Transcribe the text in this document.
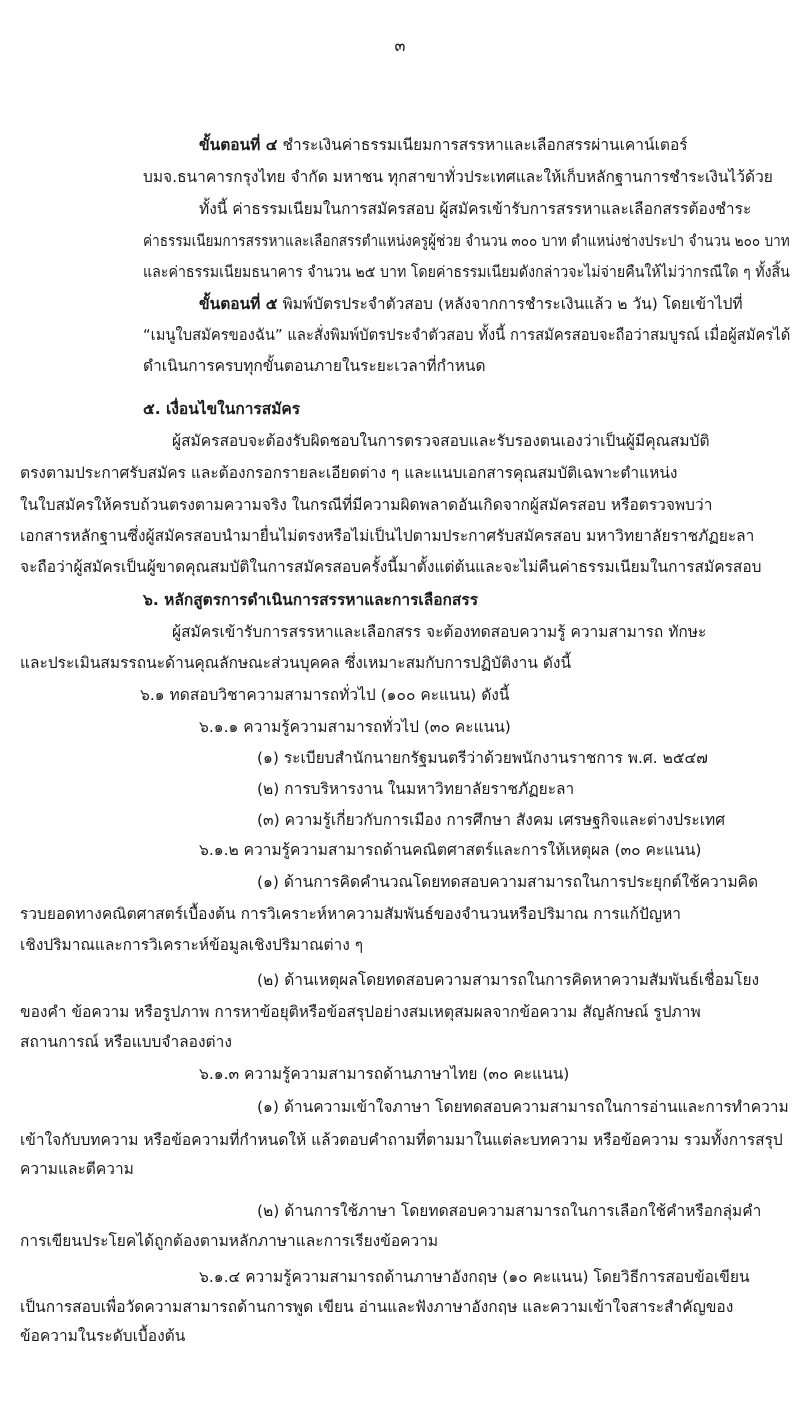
๓
ขั้นตอนที่ ๔ ชำระเงินค่าธรรมเนียมการสรรหาและเลือกสรรผ่านเคาน์เตอร์
บมจ.ธนาคารกรุงไทย จำกัด มหาชน ทุกสาขาทั่วประเทศและให้เก็บหลักฐานการชำระเงินไว้ด้วย
ทั้งนี้ ค่าธรรมเนียมในการสมัครสอบ ผู้สมัครเข้ารับการสรรหาและเลือกสรรต้องชำระ
ค่าธรรมเนียมการสรรหาและเลือกสรรตำแหน่งครูผู้ช่วย จำนวน ๓๐๐ บาท ตำแหน่งช่างประปา จำนวน ๒๐๐ บาท
และค่าธรรมเนียมธนาคาร จำนวน ๒๕ บาท โดยค่าธรรมเนียมดังกล่าวจะไม่จ่ายคืนให้ไม่ว่ากรณีใด ๆ ทั้งสิ้น
ขั้นตอนที่ ๕ พิมพ์บัตรประจำตัวสอบ (หลังจากการชำระเงินแล้ว ๒ วัน) โดยเข้าไปที่
“เมนูใบสมัครของฉัน” และสั่งพิมพ์บัตรประจำตัวสอบ ทั้งนี้ การสมัครสอบจะถือว่าสมบูรณ์ เมื่อผู้สมัครได้
ดำเนินการครบทุกขั้นตอนภายในระยะเวลาที่กำหนด
๕. เงื่อนไขในการสมัคร
ผู้สมัครสอบจะต้องรับผิดชอบในการตรวจสอบและรับรองตนเองว่าเป็นผู้มีคุณสมบัติ
ตรงตามประกาศรับสมัคร และต้องกรอกรายละเอียดต่าง ๆ และแนบเอกสารคุณสมบัติเฉพาะตำแหน่ง
ในใบสมัครให้ครบถ้วนตรงตามความจริง ในกรณีที่มีความผิดพลาดอันเกิดจากผู้สมัครสอบ หรือตรวจพบว่า
เอกสารหลักฐานซึ่งผู้สมัครสอบนำมายื่นไม่ตรงหรือไม่เป็นไปตามประกาศรับสมัครสอบ มหาวิทยาลัยราชภัฏยะลา
จะถือว่าผู้สมัครเป็นผู้ขาดคุณสมบัติในการสมัครสอบครั้งนี้มาตั้งแต่ต้นและจะไม่คืนค่าธรรมเนียมในการสมัครสอบ
๖. หลักสูตรการดำเนินการสรรหาและการเลือกสรร
ผู้สมัครเข้ารับการสรรหาและเลือกสรร จะต้องทดสอบความรู้ ความสามารถ ทักษะ
และประเมินสมรรถนะด้านคุณลักษณะส่วนบุคคล ซึ่งเหมาะสมกับการปฏิบัติงาน ดังนี้
๖.๑ ทดสอบวิชาความสามารถทั่วไป (๑๐๐ คะแนน) ดังนี้
๖.๑.๑ ความรู้ความสามารถทั่วไป (๓๐ คะแนน)
(๑) ระเบียบสำนักนายกรัฐมนตรีว่าด้วยพนักงานราชการ พ.ศ. ๒๕๔๗
(๒) การบริหารงาน ในมหาวิทยาลัยราชภัฏยะลา
(๓) ความรู้เกี่ยวกับการเมือง การศึกษา สังคม เศรษฐกิจและต่างประเทศ
๖.๑.๒ ความรู้ความสามารถด้านคณิตศาสตร์และการให้เหตุผล (๓๐ คะแนน)
(๑) ด้านการคิดคำนวณโดยทดสอบความสามารถในการประยุกต์ใช้ความคิด
รวบยอดทางคณิตศาสตร์เบื้องต้น การวิเคราะห์หาความสัมพันธ์ของจำนวนหรือปริมาณ การแก้ปัญหา
เชิงปริมาณและการวิเคราะห์ข้อมูลเชิงปริมาณต่าง ๆ
(๒) ด้านเหตุผลโดยทดสอบความสามารถในการคิดหาความสัมพันธ์เชื่อมโยง
ของคำ ข้อความ หรือรูปภาพ การหาข้อยุติหรือข้อสรุปอย่างสมเหตุสมผลจากข้อความ สัญลักษณ์ รูปภาพ
สถานการณ์ หรือแบบจำลองต่าง
๖.๑.๓ ความรู้ความสามารถด้านภาษาไทย (๓๐ คะแนน)
(๑) ด้านความเข้าใจภาษา โดยทดสอบความสามารถในการอ่านและการทำความ
เข้าใจกับบทความ หรือข้อความที่กำหนดให้ แล้วตอบคำถามที่ตามมาในแต่ละบทความ หรือข้อความ รวมทั้งการสรุป
ความและตีความ
(๒) ด้านการใช้ภาษา โดยทดสอบความสามารถในการเลือกใช้คำหรือกลุ่มคำ
การเขียนประโยคได้ถูกต้องตามหลักภาษาและการเรียงข้อความ
๖.๑.๔ ความรู้ความสามารถด้านภาษาอังกฤษ (๑๐ คะแนน) โดยวิธีการสอบข้อเขียน
เป็นการสอบเพื่อวัดความสามารถด้านการพูด เขียน อ่านและฟังภาษาอังกฤษ และความเข้าใจสาระสำคัญของ
ข้อความในระดับเบื้องต้น
